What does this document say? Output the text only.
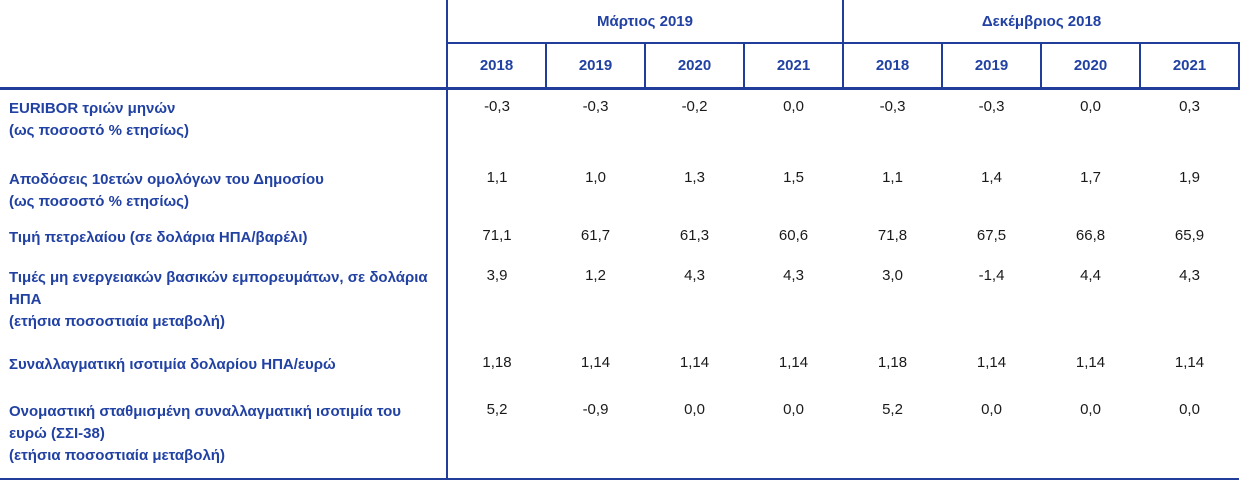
	Μάρτιος 2019				Δεκέμβριος 2018			
	2018	2019	2020	2021	2018	2019	2020	2021
EURIBOR τριών μηνών
(ως ποσοστό % ετησίως)	-0,3	-0,3	-0,2	0,0	-0,3	-0,3	0,0	0,3
Αποδόσεις 10ετών ομολόγων του Δημοσίου
(ως ποσοστό % ετησίως)	1,1	1,0	1,3	1,5	1,1	1,4	1,7	1,9
Τιμή πετρελαίου (σε δολάρια ΗΠΑ/βαρέλι)	71,1	61,7	61,3	60,6	71,8	67,5	66,8	65,9
Τιμές μη ενεργειακών βασικών εμπορευμάτων, σε δολάρια ΗΠΑ
(ετήσια ποσοστιαία μεταβολή)	3,9	1,2	4,3	4,3	3,0	-1,4	4,4	4,3
Συναλλαγματική ισοτιμία δολαρίου ΗΠΑ/ευρώ	1,18	1,14	1,14	1,14	1,18	1,14	1,14	1,14
Ονομαστική σταθμισμένη συναλλαγματική ισοτιμία του ευρώ (ΣΣΙ-38)
(ετήσια ποσοστιαία μεταβολή)	5,2	-0,9	0,0	0,0	5,2	0,0	0,0	0,0
